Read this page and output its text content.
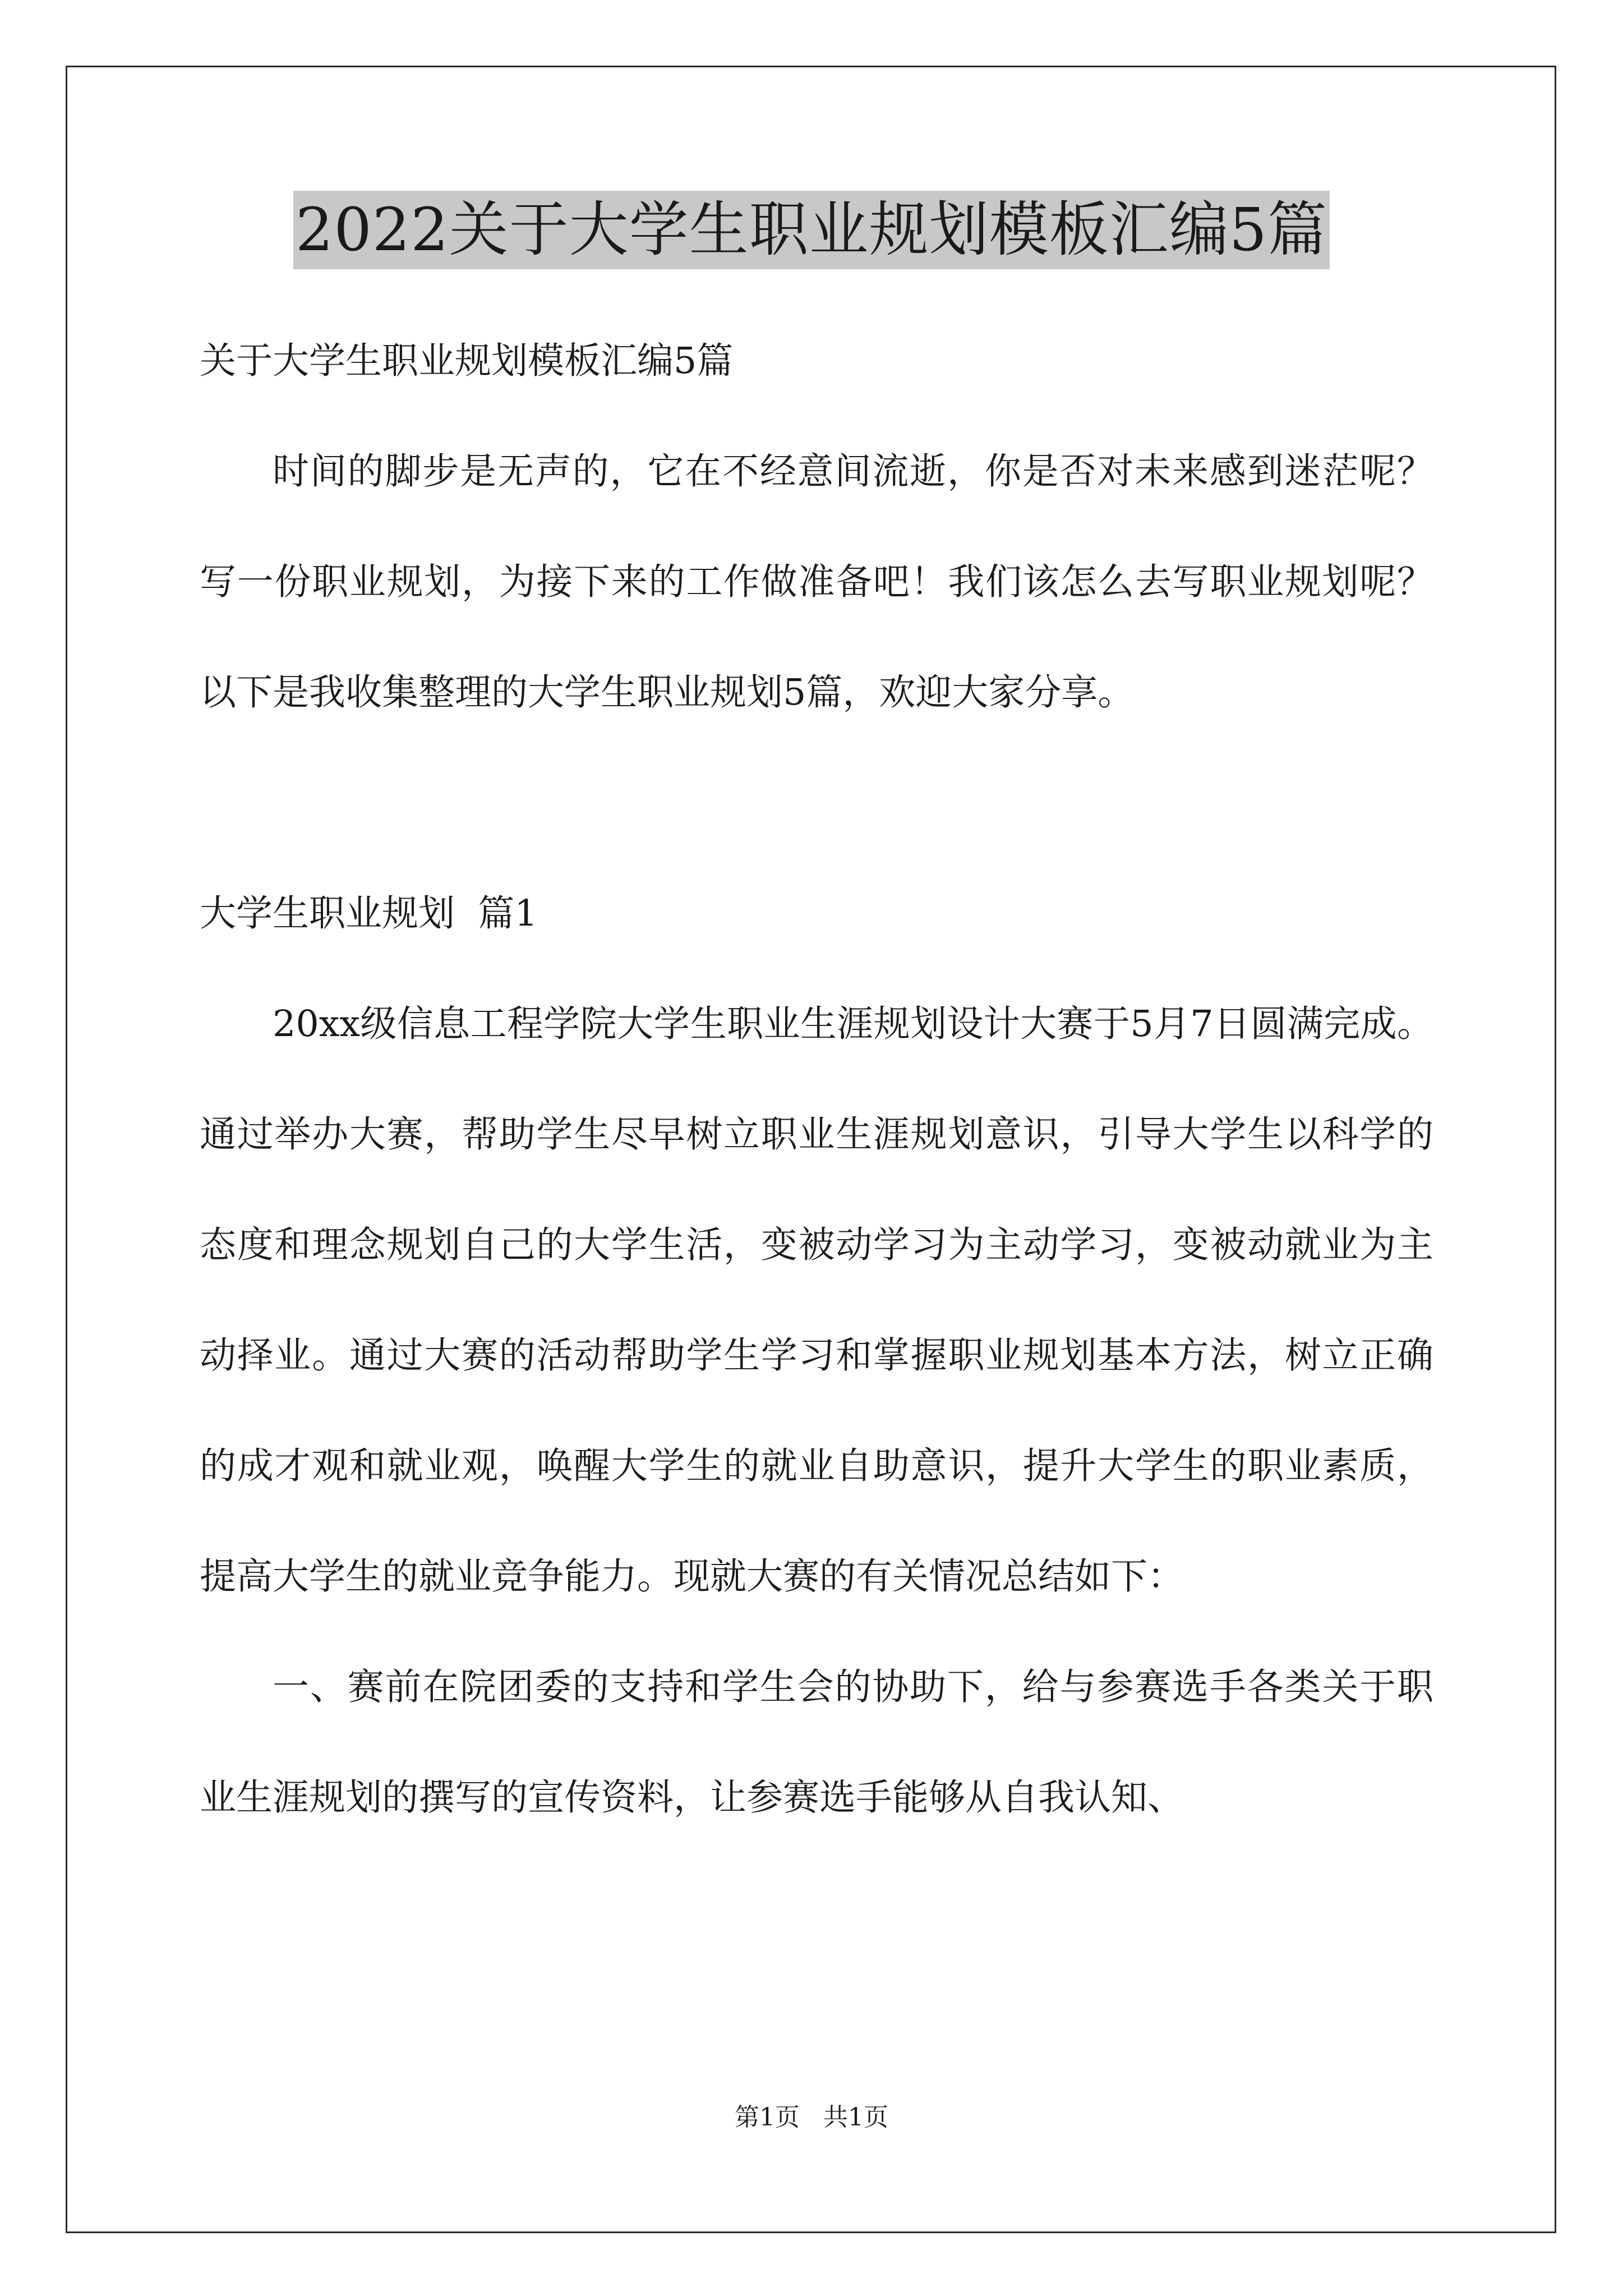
2022关于大学生职业规划模板汇编5篇

关于大学生职业规划模板汇编5篇

时间的脚步是无声的，它在不经意间流逝，你是否对未来感到迷茫呢？写一份职业规划，为接下来的工作做准备吧！我们该怎么去写职业规划呢？以下是我收集整理的大学生职业规划5篇，欢迎大家分享。

大学生职业规划  篇1

20xx级信息工程学院大学生职业生涯规划设计大赛于5月7日圆满完成。通过举办大赛，帮助学生尽早树立职业生涯规划意识，引导大学生以科学的态度和理念规划自己的大学生活，变被动学习为主动学习，变被动就业为主动择业。通过大赛的活动帮助学生学习和掌握职业规划基本方法，树立正确的成才观和就业观，唤醒大学生的就业自助意识，提升大学生的职业素质，提高大学生的就业竞争能力。现就大赛的有关情况总结如下：

一、赛前在院团委的支持和学生会的协助下，给与参赛选手各类关于职业生涯规划的撰写的宣传资料，让参赛选手能够从自我认知、

第1页   共1页
